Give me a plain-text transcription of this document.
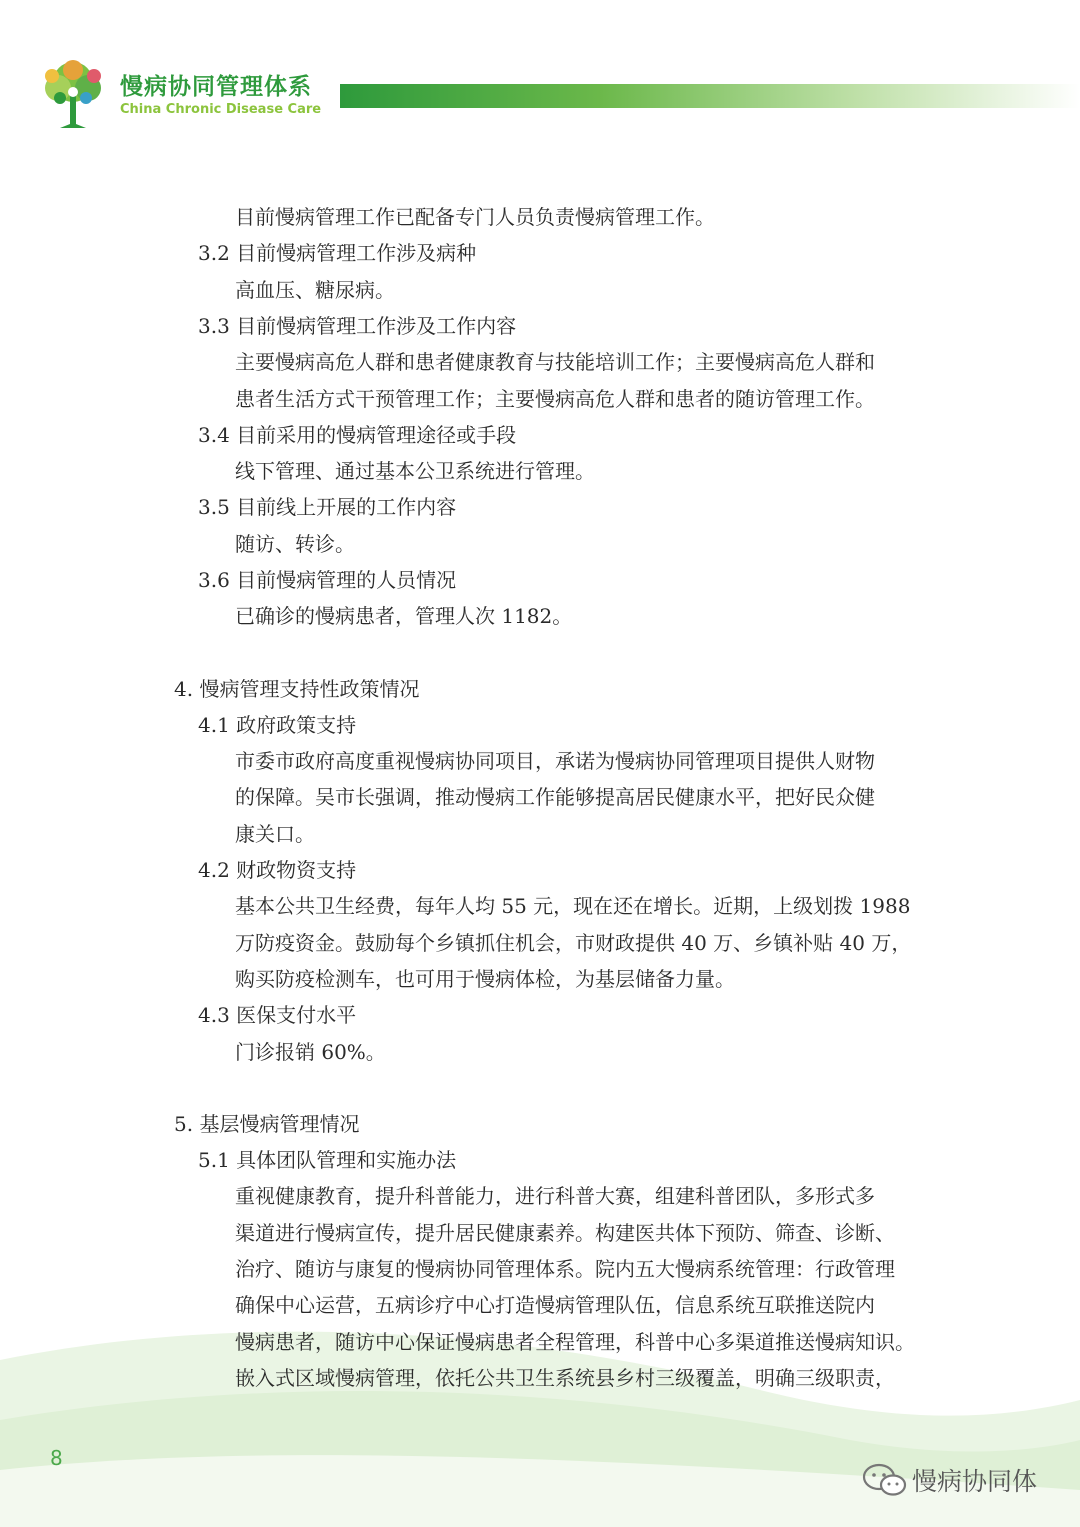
慢病协同管理体系
China Chronic Disease Care
目前慢病管理工作已配备专门人员负责慢病管理工作。
3.2 目前慢病管理工作涉及病种
高血压、糖尿病。
3.3 目前慢病管理工作涉及工作内容
主要慢病高危人群和患者健康教育与技能培训工作；主要慢病高危人群和
患者生活方式干预管理工作；主要慢病高危人群和患者的随访管理工作。
3.4 目前采用的慢病管理途径或手段
线下管理、通过基本公卫系统进行管理。
3.5 目前线上开展的工作内容
随访、转诊。
3.6 目前慢病管理的人员情况
已确诊的慢病患者，管理人次 1182。
4. 慢病管理支持性政策情况
4.1 政府政策支持
市委市政府高度重视慢病协同项目，承诺为慢病协同管理项目提供人财物
的保障。吴市长强调，推动慢病工作能够提高居民健康水平，把好民众健
康关口。
4.2 财政物资支持
基本公共卫生经费，每年人均 55 元，现在还在增长。近期，上级划拨 1988
万防疫资金。鼓励每个乡镇抓住机会，市财政提供 40 万、乡镇补贴 40 万，
购买防疫检测车，也可用于慢病体检，为基层储备力量。
4.3 医保支付水平
门诊报销 60%。
5. 基层慢病管理情况
5.1 具体团队管理和实施办法
重视健康教育，提升科普能力，进行科普大赛，组建科普团队，多形式多
渠道进行慢病宣传，提升居民健康素养。构建医共体下预防、筛查、诊断、
治疗、随访与康复的慢病协同管理体系。院内五大慢病系统管理：行政管理
确保中心运营，五病诊疗中心打造慢病管理队伍，信息系统互联推送院内
慢病患者，随访中心保证慢病患者全程管理，科普中心多渠道推送慢病知识。
嵌入式区域慢病管理，依托公共卫生系统县乡村三级覆盖，明确三级职责，
8
慢病协同体
